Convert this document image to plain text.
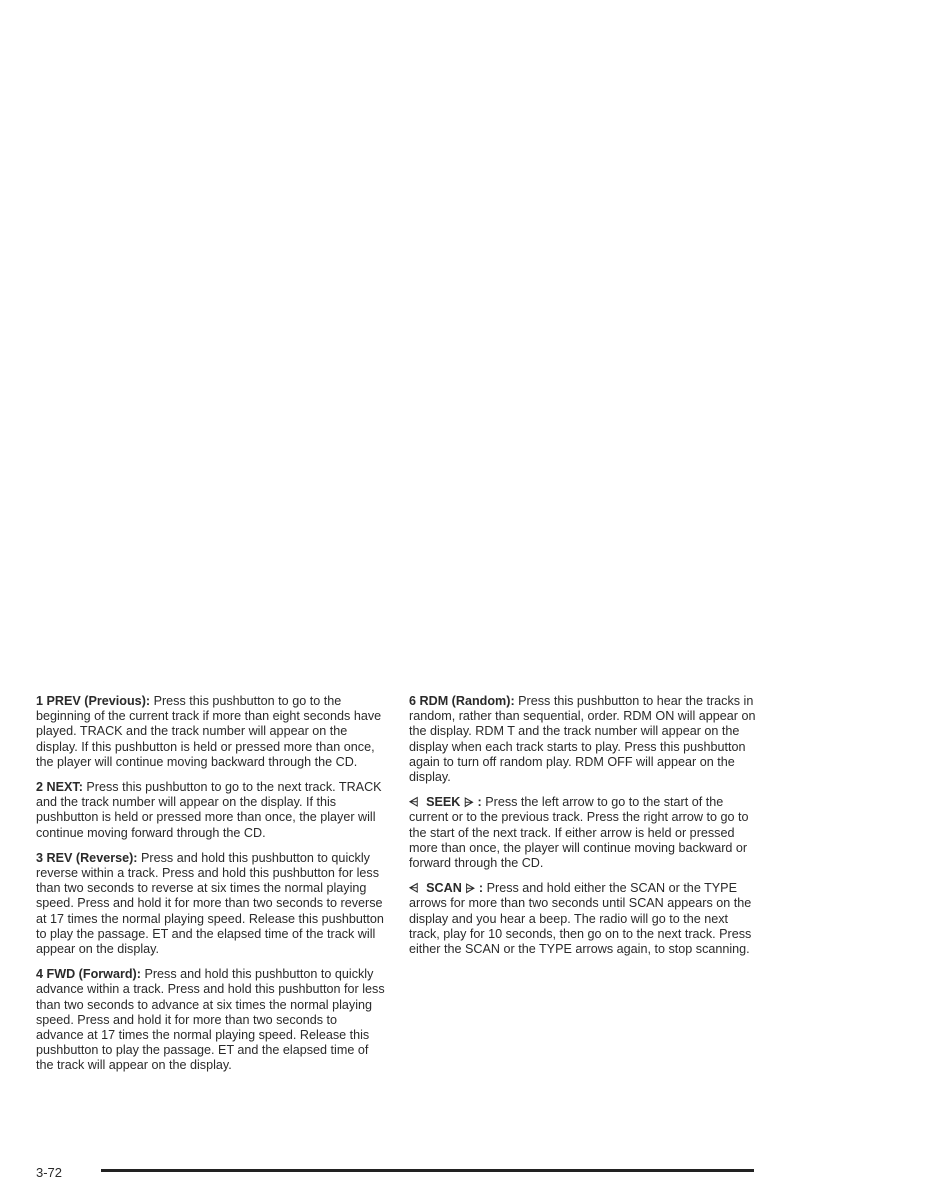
1 PREV (Previous): Press this pushbutton to go to the beginning of the current track if more than eight seconds have played. TRACK and the track number will appear on the display. If this pushbutton is held or pressed more than once, the player will continue moving backward through the CD.

2 NEXT: Press this pushbutton to go to the next track. TRACK and the track number will appear on the display. If this pushbutton is held or pressed more than once, the player will continue moving forward through the CD.

3 REV (Reverse): Press and hold this pushbutton to quickly reverse within a track. Press and hold this pushbutton for less than two seconds to reverse at six times the normal playing speed. Press and hold it for more than two seconds to reverse at 17 times the normal playing speed. Release this pushbutton to play the passage. ET and the elapsed time of the track will appear on the display.

4 FWD (Forward): Press and hold this pushbutton to quickly advance within a track. Press and hold this pushbutton for less than two seconds to advance at six times the normal playing speed. Press and hold it for more than two seconds to advance at 17 times the normal playing speed. Release this pushbutton to play the passage. ET and the elapsed time of the track will appear on the display.

6 RDM (Random): Press this pushbutton to hear the tracks in random, rather than sequential, order. RDM ON will appear on the display. RDM T and the track number will appear on the display when each track starts to play. Press this pushbutton again to turn off random play. RDM OFF will appear on the display.

⩤ SEEK ⩥ : Press the left arrow to go to the start of the current or to the previous track. Press the right arrow to go to the start of the next track. If either arrow is held or pressed more than once, the player will continue moving backward or forward through the CD.

⩤ SCAN ⩥ : Press and hold either the SCAN or the TYPE arrows for more than two seconds until SCAN appears on the display and you hear a beep. The radio will go to the next track, play for 10 seconds, then go on to the next track. Press either the SCAN or the TYPE arrows again, to stop scanning.

3-72
